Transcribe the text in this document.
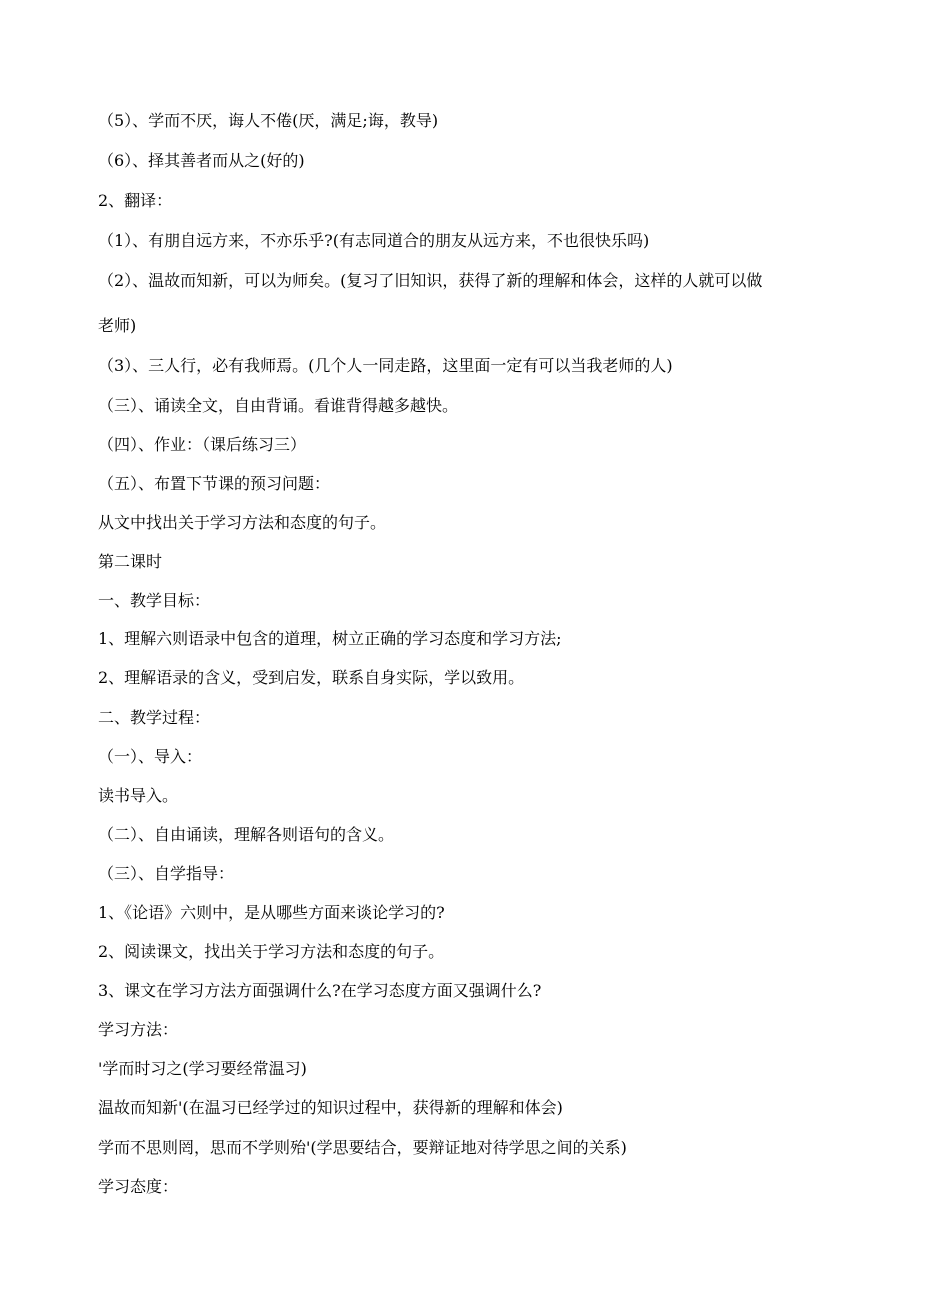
（5）、学而不厌，诲人不倦(厌，满足;诲，教导)
（6）、择其善者而从之(好的)
2、翻译：
（1）、有朋自远方来，不亦乐乎?(有志同道合的朋友从远方来，不也很快乐吗)
（2）、温故而知新，可以为师矣。(复习了旧知识，获得了新的理解和体会，这样的人就可以做
老师)
（3）、三人行，必有我师焉。(几个人一同走路，这里面一定有可以当我老师的人)
（三）、诵读全文，自由背诵。看谁背得越多越快。
（四）、作业：（课后练习三）
（五）、布置下节课的预习问题：
从文中找出关于学习方法和态度的句子。
第二课时
一、教学目标：
1、理解六则语录中包含的道理，树立正确的学习态度和学习方法;
2、理解语录的含义，受到启发，联系自身实际，学以致用。
二、教学过程：
（一）、导入：
读书导入。
（二）、自由诵读，理解各则语句的含义。
（三）、自学指导：
1、《论语》六则中，是从哪些方面来谈论学习的?
2、阅读课文，找出关于学习方法和态度的句子。
3、课文在学习方法方面强调什么?在学习态度方面又强调什么?
学习方法：
'学而时习之(学习要经常温习)
温故而知新'(在温习已经学过的知识过程中，获得新的理解和体会)
学而不思则罔，思而不学则殆'(学思要结合，要辩证地对待学思之间的关系)
学习态度：
